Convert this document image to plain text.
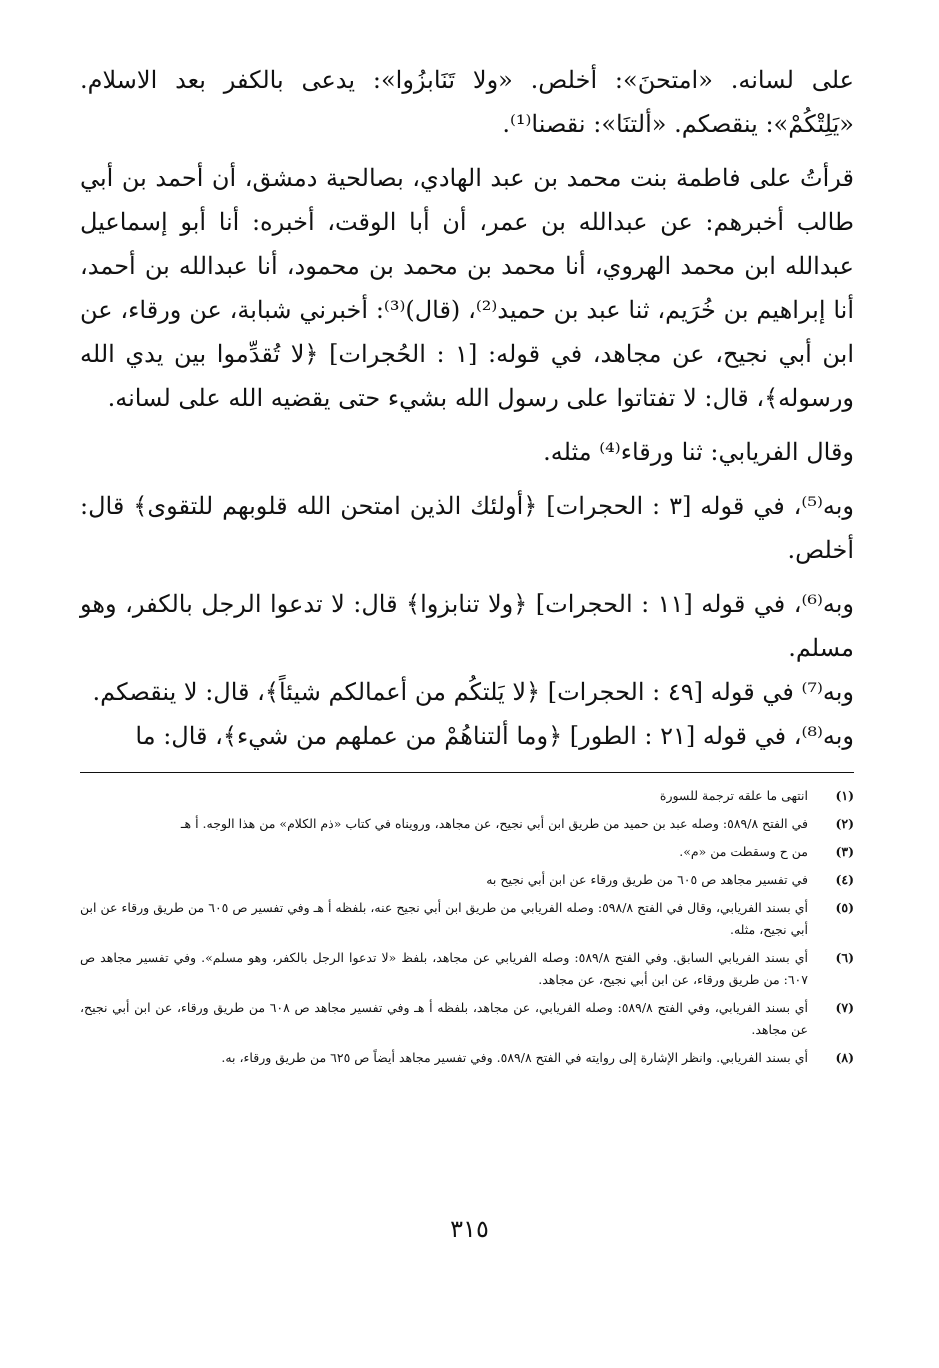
على لسانه. «امتحنَ»: أخلص. «ولا تَنَابزُوا»: يدعى بالكفر بعد الاسلام. «يَلِتْكُمْ»: ينقصكم. «ألتنَا»: نقصنا⁽¹⁾.

قرأتُ على فاطمة بنت محمد بن عبد الهادي، بصالحية دمشق، أن أحمد بن أبي طالب أخبرهم: عن عبدالله بن عمر، أن أبا الوقت، أخبره: أنا أبو إسماعيل عبدالله ابن محمد الهروي، أنا محمد بن محمد بن محمود، أنا عبدالله بن أحمد، أنا إبراهيم بن خُرَيم، ثنا عبد بن حميد⁽²⁾، (قال)⁽³⁾: أخبرني شبابة، عن ورقاء، عن ابن أبي نجيح، عن مجاهد، في قوله: [١ : الحُجرات] ﴿لا تُقدِّموا بين يدي الله ورسوله﴾، قال: لا تفتاتوا على رسول الله بشيء حتى يقضيه الله على لسانه.

وقال الفريابي: ثنا ورقاء⁽⁴⁾ مثله.

وبه⁽⁵⁾، في قوله [٣ : الحجرات] ﴿أولئك الذين امتحن الله قلوبهم للتقوى﴾ قال: أخلص.

وبه⁽⁶⁾، في قوله [١١ : الحجرات] ﴿ولا تنابزوا﴾ قال: لا تدعوا الرجل بالكفر، وهو مسلم.

وبه⁽⁷⁾ في قوله [٤٩ : الحجرات] ﴿لا يَلتكُم من أعمالكم شيئاً﴾، قال: لا ينقصكم.

وبه⁽⁸⁾، في قوله [٢١ : الطور] ﴿وما ألتناهُمْ من عملهم من شيء﴾، قال: ما

(١)
انتهى ما علقه ترجمة للسورة
(٢)
في الفتح ٥٨٩/٨: وصله عبد بن حميد من طريق ابن أبي نجيح، عن مجاهد، ورويناه في كتاب «ذم الكلام» من هذا الوجه. أ هـ
(٣)
من ح وسقطت من «م».
(٤)
في تفسير مجاهد ص ٦٠٥ من طريق ورقاء عن ابن أبي نجيح به
(٥)
أي بسند الفريابي، وقال في الفتح ٥٩٨/٨: وصله الفريابي من طريق ابن أبي نجيح عنه، بلفظه أ هـ وفي تفسير ص ٦٠٥ من طريق ورقاء عن ابن أبي نجيح، مثله.
(٦)
أي بسند الفريابي السابق. وفي الفتح ٥٨٩/٨: وصله الفريابي عن مجاهد، بلفظ «لا تدعوا الرجل بالكفر، وهو مسلم». وفي تفسير مجاهد ص ٦٠٧: من طريق ورقاء، عن ابن أبي نجيح، عن مجاهد.
(٧)
أي بسند الفريابي، وفي الفتح ٥٨٩/٨: وصله الفريابي، عن مجاهد، بلفظه أ هـ وفي تفسير مجاهد ص ٦٠٨ من طريق ورقاء، عن ابن أبي نجيح، عن مجاهد.
(٨)
أي بسند الفريابي. وانظر الإشارة إلى روايته في الفتح ٥٨٩/٨. وفي تفسير مجاهد أيضاً ص ٦٢٥ من طريق ورقاء، به.
٣١٥
